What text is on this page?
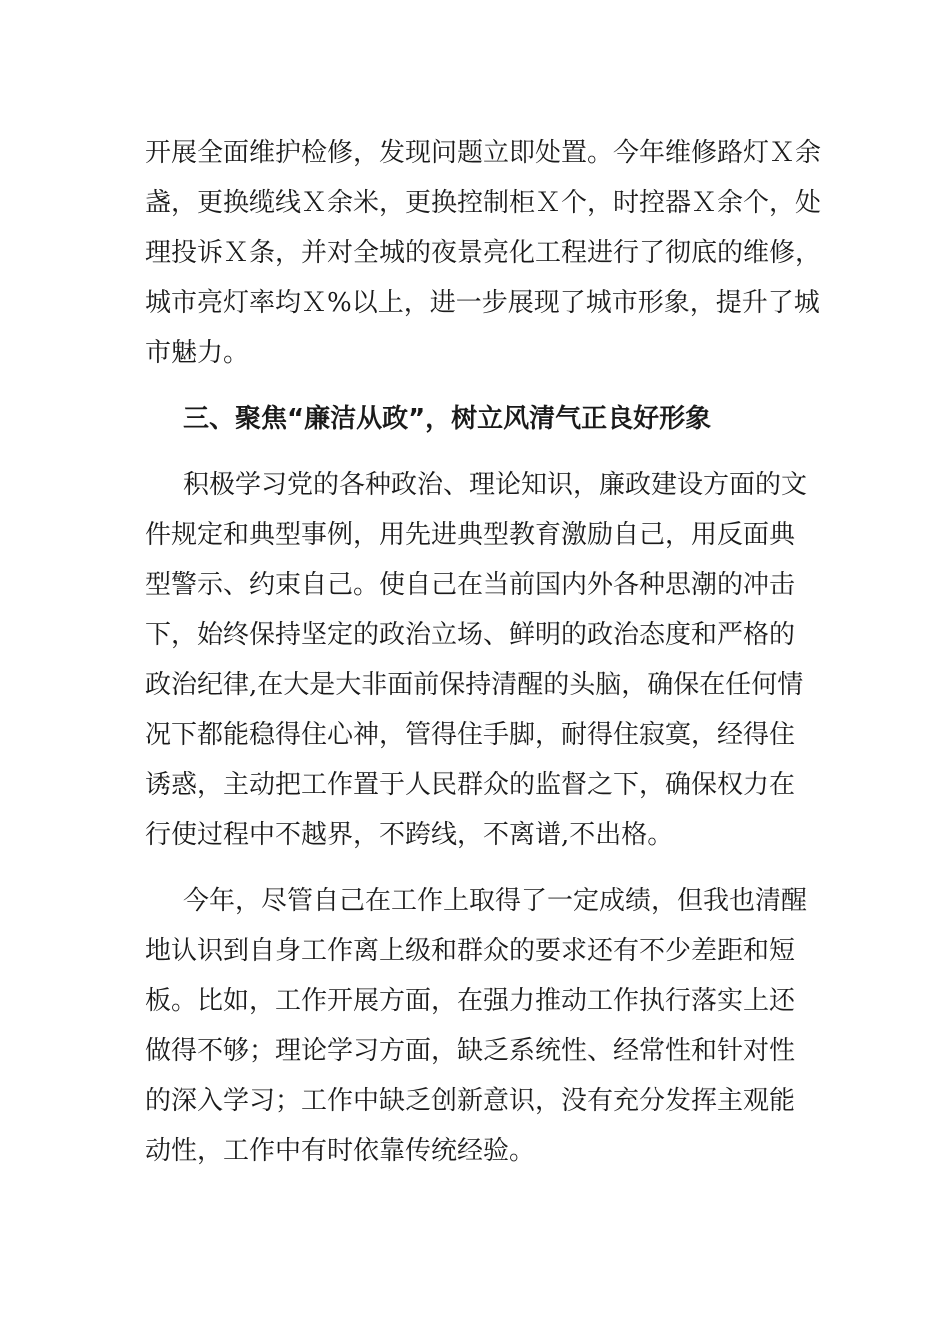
开展全面维护检修，发现问题立即处置。今年维修路灯Ｘ余
盏，更换缆线Ｘ余米，更换控制柜Ｘ个，时控器Ｘ余个，处
理投诉Ｘ条，并对全城的夜景亮化工程进行了彻底的维修，
城市亮灯率均Ｘ%以上，进一步展现了城市形象，提升了城
市魅力。
三、聚焦“廉洁从政”，树立风清气正良好形象
积极学习党的各种政治、理论知识，廉政建设方面的文
件规定和典型事例，用先进典型教育激励自己，用反面典
型警示、约束自己。使自己在当前国内外各种思潮的冲击
下，始终保持坚定的政治立场、鲜明的政治态度和严格的
政治纪律,在大是大非面前保持清醒的头脑，确保在任何情
况下都能稳得住心神，管得住手脚，耐得住寂寞，经得住
诱惑，主动把工作置于人民群众的监督之下，确保权力在
行使过程中不越界，不跨线，不离谱,不出格。
今年，尽管自己在工作上取得了一定成绩，但我也清醒
地认识到自身工作离上级和群众的要求还有不少差距和短
板。比如，工作开展方面，在强力推动工作执行落实上还
做得不够；理论学习方面，缺乏系统性、经常性和针对性
的深入学习；工作中缺乏创新意识，没有充分发挥主观能
动性，工作中有时依靠传统经验。
